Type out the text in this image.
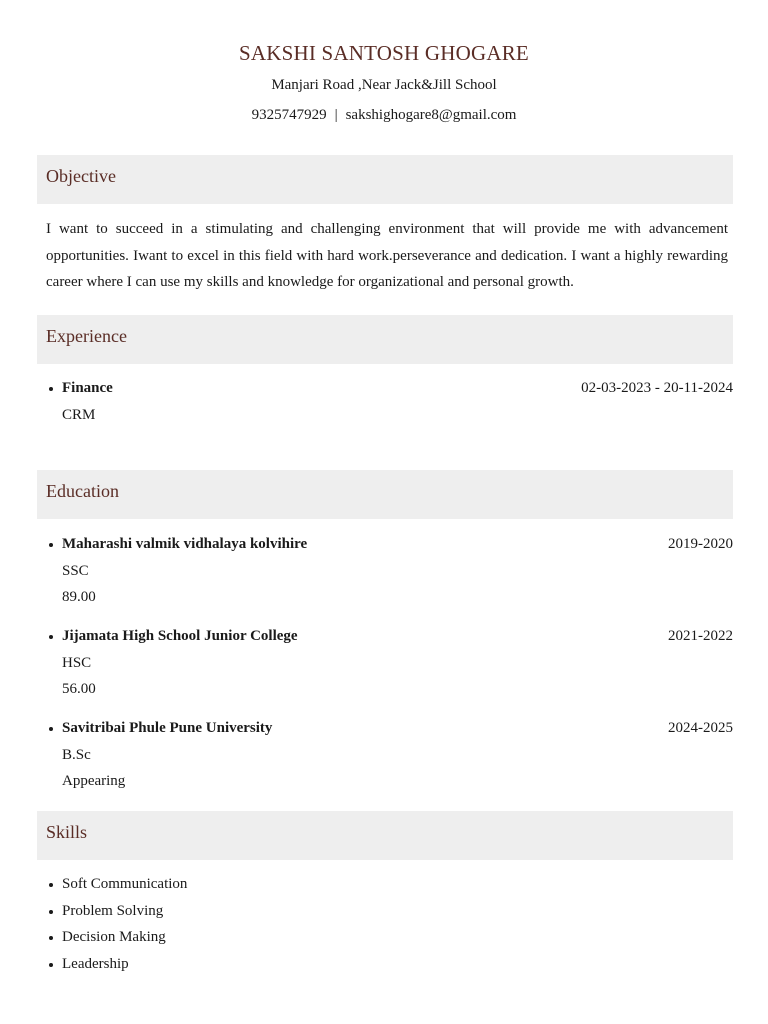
SAKSHI SANTOSH GHOGARE
Manjari Road ,Near Jack&Jill School
9325747929 | sakshighogare8@gmail.com
Objective
I want to succeed in a stimulating and challenging environment that will provide me with advancement opportunities. Iwant to excel in this field with hard work.perseverance and dedication. I want a highly rewarding career where I can use my skills and knowledge for organizational and personal growth.
Experience
Finance	02-03-2023 - 20-11-2024
CRM
Education
Maharashi valmik vidhalaya kolvihire	2019-2020
SSC
89.00
Jijamata High School Junior College	2021-2022
HSC
56.00
Savitribai Phule Pune University	2024-2025
B.Sc
Appearing
Skills
Soft Communication
Problem Solving
Decision Making
Leadership
